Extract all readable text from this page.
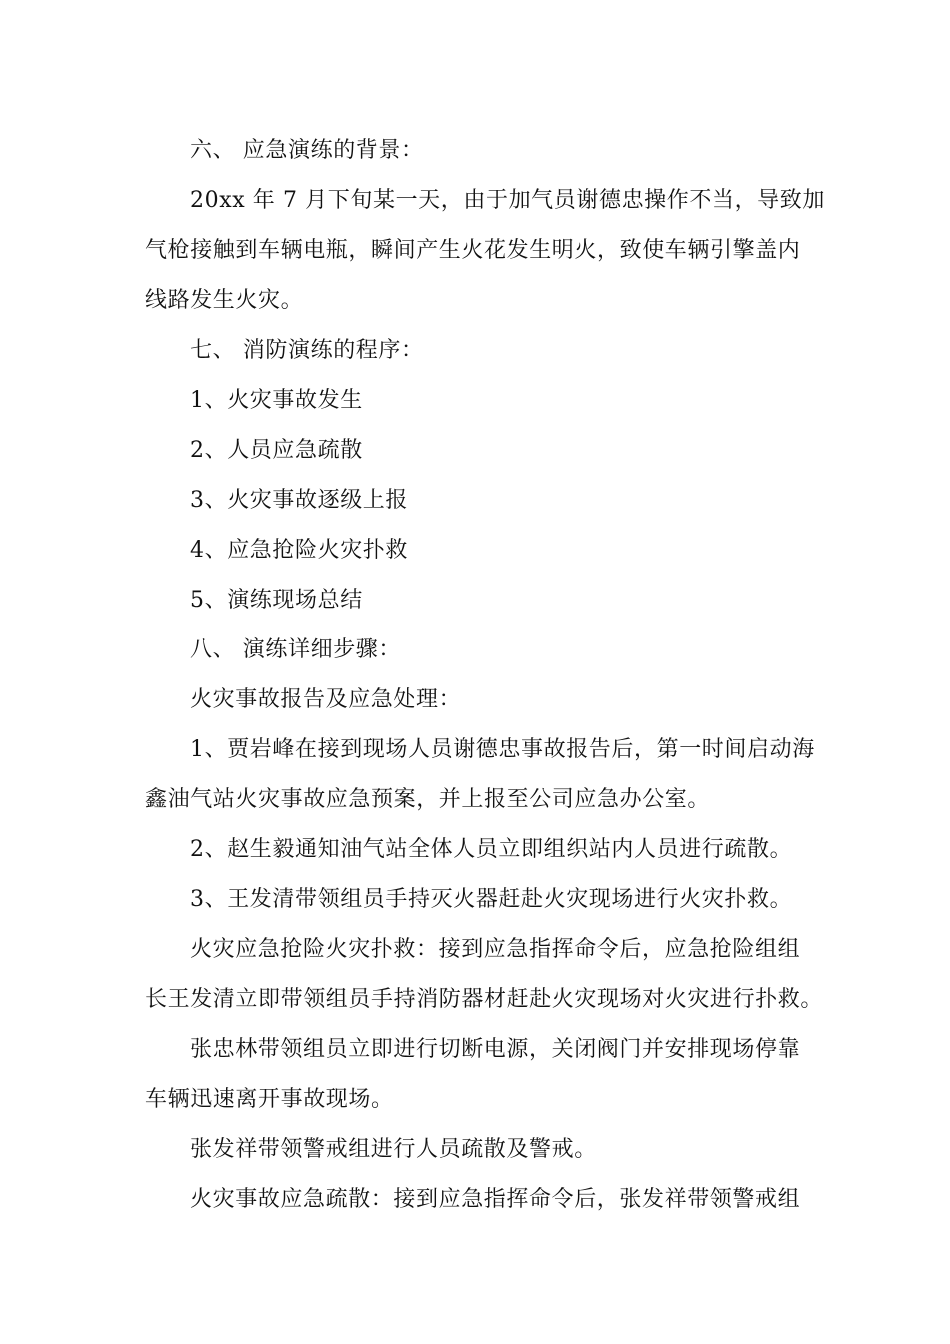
六、 应急演练的背景：
20xx 年 7 月下旬某一天，由于加气员谢德忠操作不当，导致加
气枪接触到车辆电瓶，瞬间产生火花发生明火，致使车辆引擎盖内
线路发生火灾。
七、 消防演练的程序：
1、火灾事故发生
2、人员应急疏散
3、火灾事故逐级上报
4、应急抢险火灾扑救
5、演练现场总结
八、 演练详细步骤：
火灾事故报告及应急处理：
1、贾岩峰在接到现场人员谢德忠事故报告后，第一时间启动海
鑫油气站火灾事故应急预案，并上报至公司应急办公室。
2、赵生毅通知油气站全体人员立即组织站内人员进行疏散。
3、王发清带领组员手持灭火器赶赴火灾现场进行火灾扑救。
火灾应急抢险火灾扑救：接到应急指挥命令后，应急抢险组组
长王发清立即带领组员手持消防器材赶赴火灾现场对火灾进行扑救。
张忠林带领组员立即进行切断电源，关闭阀门并安排现场停靠
车辆迅速离开事故现场。
张发祥带领警戒组进行人员疏散及警戒。
火灾事故应急疏散：接到应急指挥命令后，张发祥带领警戒组
